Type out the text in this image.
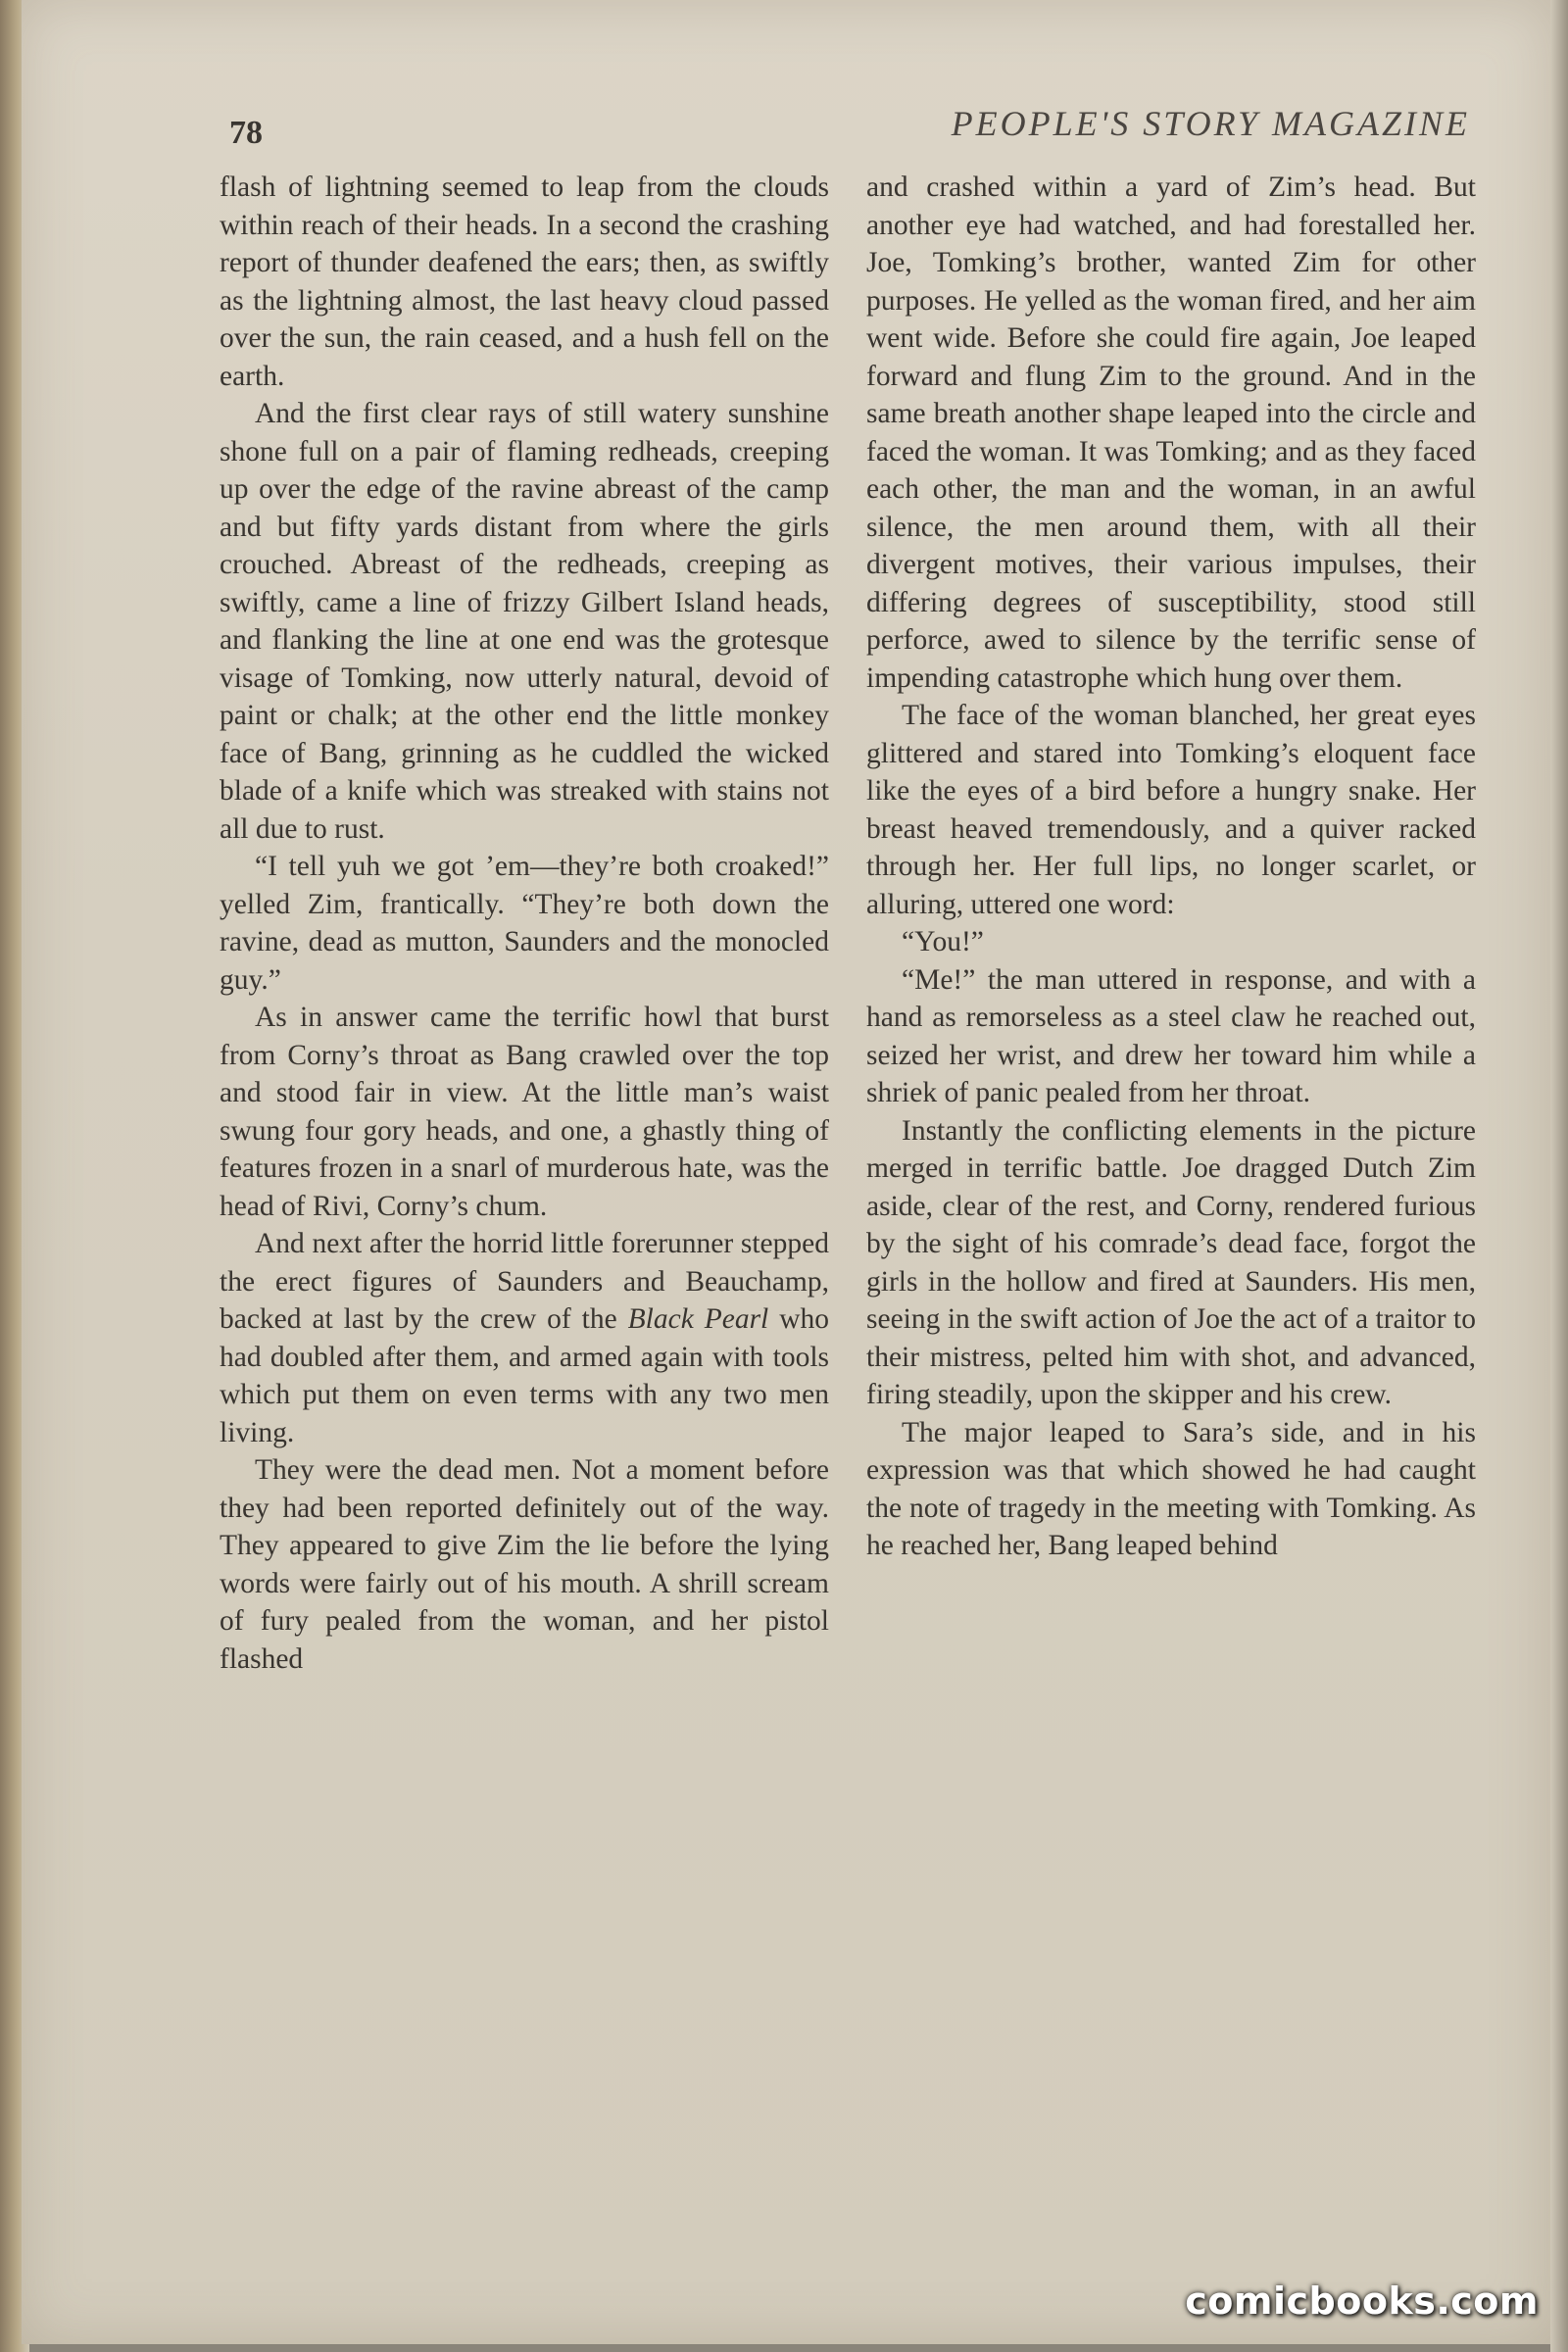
78	PEOPLE'S STORY MAGAZINE

flash of lightning seemed to leap from the clouds within reach of their heads. In a second the crashing report of thunder deafened the ears; then, as swiftly as the lightning almost, the last heavy cloud passed over the sun, the rain ceased, and a hush fell on the earth.

And the first clear rays of still watery sunshine shone full on a pair of flaming redheads, creeping up over the edge of the ravine abreast of the camp and but fifty yards distant from where the girls crouched. Abreast of the redheads, creeping as swiftly, came a line of frizzy Gilbert Island heads, and flanking the line at one end was the grotesque visage of Tomking, now utterly natural, devoid of paint or chalk; at the other end the little monkey face of Bang, grinning as he cuddled the wicked blade of a knife which was streaked with stains not all due to rust.

“I tell yuh we got ’em—they’re both croaked!” yelled Zim, frantically. “They’re both down the ravine, dead as mutton, Saunders and the monocled guy.”

As in answer came the terrific howl that burst from Corny’s throat as Bang crawled over the top and stood fair in view. At the little man’s waist swung four gory heads, and one, a ghastly thing of features frozen in a snarl of murderous hate, was the head of Rivi, Corny’s chum.

And next after the horrid little forerunner stepped the erect figures of Saunders and Beauchamp, backed at last by the crew of the Black Pearl who had doubled after them, and armed again with tools which put them on even terms with any two men living.

They were the dead men. Not a moment before they had been reported definitely out of the way. They appeared to give Zim the lie before the lying words were fairly out of his mouth. A shrill scream of fury pealed from the woman, and her pistol flashed

and crashed within a yard of Zim’s head. But another eye had watched, and had forestalled her. Joe, Tomking’s brother, wanted Zim for other purposes. He yelled as the woman fired, and her aim went wide. Before she could fire again, Joe leaped forward and flung Zim to the ground. And in the same breath another shape leaped into the circle and faced the woman. It was Tomking; and as they faced each other, the man and the woman, in an awful silence, the men around them, with all their divergent motives, their various impulses, their differing degrees of susceptibility, stood still perforce, awed to silence by the terrific sense of impending catastrophe which hung over them.

The face of the woman blanched, her great eyes glittered and stared into Tomking’s eloquent face like the eyes of a bird before a hungry snake. Her breast heaved tremendously, and a quiver racked through her. Her full lips, no longer scarlet, or alluring, uttered one word:

“You!”

“Me!” the man uttered in response, and with a hand as remorseless as a steel claw he reached out, seized her wrist, and drew her toward him while a shriek of panic pealed from her throat.

Instantly the conflicting elements in the picture merged in terrific battle. Joe dragged Dutch Zim aside, clear of the rest, and Corny, rendered furious by the sight of his comrade’s dead face, forgot the girls in the hollow and fired at Saunders. His men, seeing in the swift action of Joe the act of a traitor to their mistress, pelted him with shot, and advanced, firing steadily, upon the skipper and his crew.

The major leaped to Sara’s side, and in his expression was that which showed he had caught the note of tragedy in the meeting with Tomking. As he reached her, Bang leaped behind

comicbooks.com
